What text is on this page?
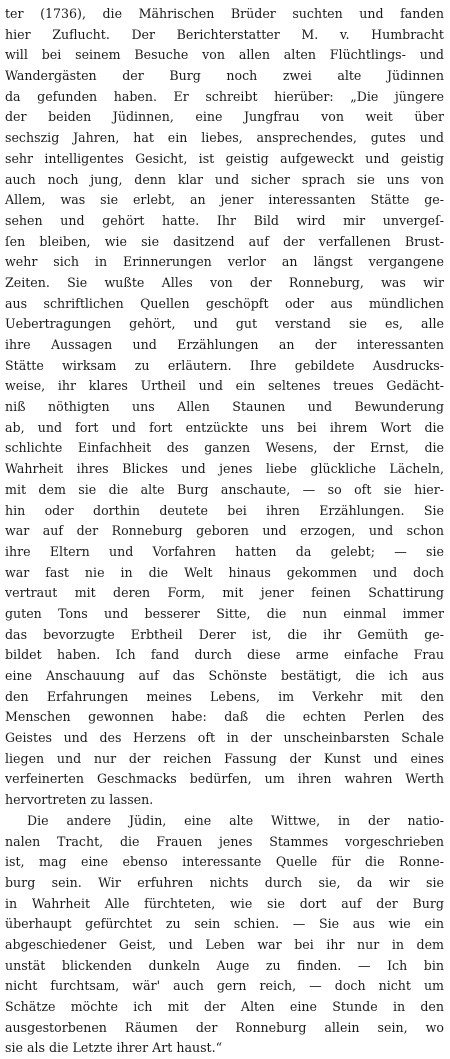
ter (1736), die Mährischen Brüder suchten und fanden
hier Zuflucht. Der Berichterstatter M. v. Humbracht
will bei seinem Besuche von allen alten Flüchtlings- und
Wandergästen der Burg noch zwei alte Jüdinnen
da gefunden haben. Er schreibt hierüber: „Die jüngere
der beiden Jüdinnen, eine Jungfrau von weit über
sechszig Jahren, hat ein liebes, ansprechendes, gutes und
sehr intelligentes Gesicht, ist geistig aufgeweckt und geistig
auch noch jung, denn klar und sicher sprach sie uns von
Allem, was sie erlebt, an jener interessanten Stätte ge-
sehen und gehört hatte. Ihr Bild wird mir unvergeſ-
ſen bleiben, wie sie dasitzend auf der verfallenen Brust-
wehr sich in Erinnerungen verlor an längst vergangene
Zeiten. Sie wußte Alles von der Ronneburg, was wir
aus schriftlichen Quellen geschöpft oder aus mündlichen
Uebertragungen gehört, und gut verstand sie es, alle
ihre Aussagen und Erzählungen an der interessanten
Stätte wirksam zu erläutern. Ihre gebildete Ausdrucks-
weise, ihr klares Urtheil und ein seltenes treues Gedächt-
niß nöthigten uns Allen Staunen und Bewunderung
ab, und fort und fort entzückte uns bei ihrem Wort die
schlichte Einfachheit des ganzen Wesens, der Ernst, die
Wahrheit ihres Blickes und jenes liebe glückliche Lächeln,
mit dem sie die alte Burg anschaute, — so oft sie hier-
hin oder dorthin deutete bei ihren Erzählungen. Sie
war auf der Ronneburg geboren und erzogen, und schon
ihre Eltern und Vorfahren hatten da gelebt; — sie
war fast nie in die Welt hinaus gekommen und doch
vertraut mit deren Form, mit jener feinen Schattirung
guten Tons und besserer Sitte, die nun einmal immer
das bevorzugte Erbtheil Derer ist, die ihr Gemüth ge-
bildet haben. Ich fand durch diese arme einfache Frau
eine Anschauung auf das Schönste bestätigt, die ich aus
den Erfahrungen meines Lebens, im Verkehr mit den
Menschen gewonnen habe: daß die echten Perlen des
Geistes und des Herzens oft in der unscheinbarsten Schale
liegen und nur der reichen Fassung der Kunst und eines
verfeinerten Geschmacks bedürfen, um ihren wahren Werth
hervortreten zu lassen.
Die andere Jüdin, eine alte Wittwe, in der natio-
nalen Tracht, die Frauen jenes Stammes vorgeschrieben
ist, mag eine ebenso interessante Quelle für die Ronne-
burg sein. Wir erfuhren nichts durch sie, da wir sie
in Wahrheit Alle fürchteten, wie sie dort auf der Burg
überhaupt gefürchtet zu sein schien. — Sie aus wie ein
abgeschiedener Geist, und Leben war bei ihr nur in dem
unstät blickenden dunkeln Auge zu finden. — Ich bin
nicht furchtsam, wär' auch gern reich, — doch nicht um
Schätze möchte ich mit der Alten eine Stunde in den
ausgestorbenen Räumen der Ronneburg allein sein, wo
sie als die Letzte ihrer Art haust.“
